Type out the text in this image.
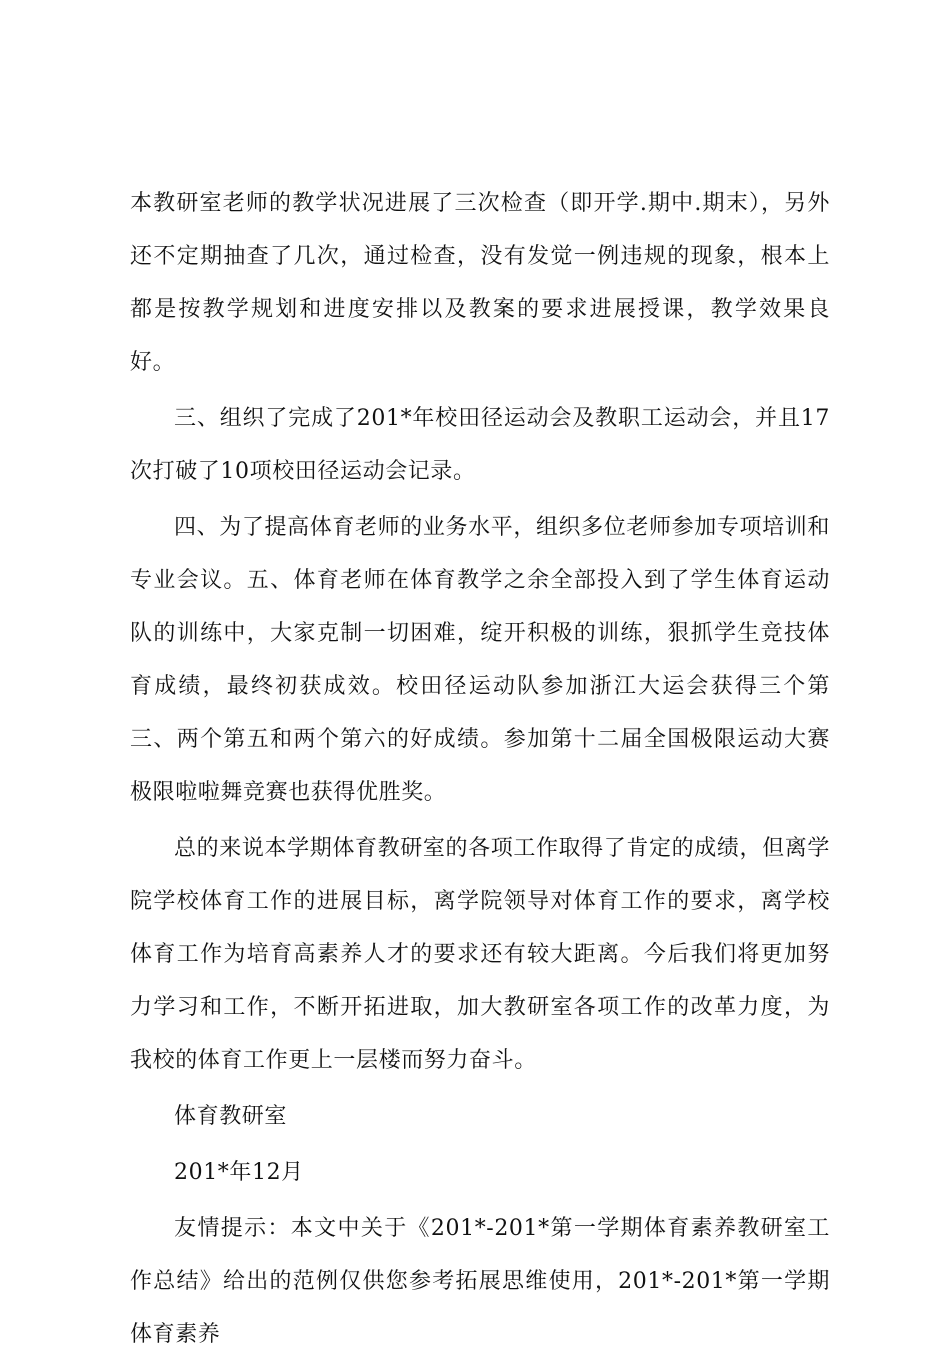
本教研室老师的教学状况进展了三次检查（即开学.期中.期末），另外还不定期抽查了几次，通过检查，没有发觉一例违规的现象，根本上都是按教学规划和进度安排以及教案的要求进展授课，教学效果良好。

三、组织了完成了201*年校田径运动会及教职工运动会，并且17次打破了10项校田径运动会记录。

四、为了提高体育老师的业务水平，组织多位老师参加专项培训和专业会议。五、体育老师在体育教学之余全部投入到了学生体育运动队的训练中，大家克制一切困难，绽开积极的训练，狠抓学生竞技体育成绩，最终初获成效。校田径运动队参加浙江大运会获得三个第三、两个第五和两个第六的好成绩。参加第十二届全国极限运动大赛极限啦啦舞竞赛也获得优胜奖。

总的来说本学期体育教研室的各项工作取得了肯定的成绩，但离学院学校体育工作的进展目标，离学院领导对体育工作的要求，离学校体育工作为培育高素养人才的要求还有较大距离。今后我们将更加努力学习和工作，不断开拓进取，加大教研室各项工作的改革力度，为我校的体育工作更上一层楼而努力奋斗。

体育教研室

201*年12月

友情提示：本文中关于《201*-201*第一学期体育素养教研室工作总结》给出的范例仅供您参考拓展思维使用，201*-201*第一学期体育素养
